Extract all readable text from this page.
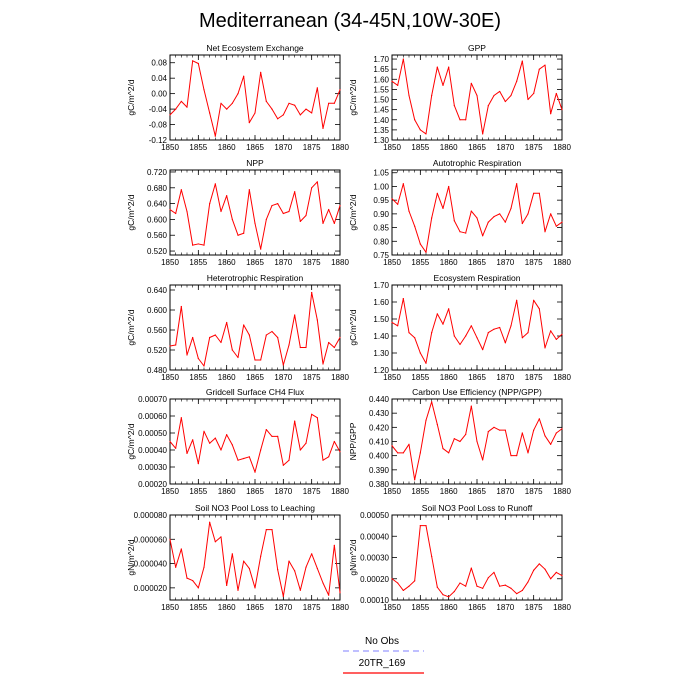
Mediterranean (34-45N,10W-30E)
Net Ecosystem Exchange
gC/m^2/d
1850 1855 1860 1865 1870 1875 1880
-0.12
-0.08
-0.04
0.00
0.04
0.08
GPP
gC/m^2/d
1850 1855 1860 1865 1870 1875 1880
1.30
1.35
1.40
1.45
1.50
1.55
1.60
1.65
1.70
NPP
gC/m^2/d
1850 1855 1860 1865 1870 1875 1880
0.520
0.560
0.600
0.640
0.680
0.720
Autotrophic Respiration
gC/m^2/d
1850 1855 1860 1865 1870 1875 1880
0.75
0.80
0.85
0.90
0.95
1.00
1.05
Heterotrophic Respiration
gC/m^2/d
1850 1855 1860 1865 1870 1875 1880
0.480
0.520
0.560
0.600
0.640
Ecosystem Respiration
gC/m^2/d
1850 1855 1860 1865 1870 1875 1880
1.20
1.30
1.40
1.50
1.60
1.70
Gridcell Surface CH4 Flux
gC/m^2/d
1850 1855 1860 1865 1870 1875 1880
0.00020
0.00030
0.00040
0.00050
0.00060
0.00070
Carbon Use Efficiency (NPP/GPP)
NPP/GPP
1850 1855 1860 1865 1870 1875 1880
0.380
0.390
0.400
0.410
0.420
0.430
0.440
Soil NO3 Pool Loss to Leaching
gN/m^2/d
1850 1855 1860 1865 1870 1875 1880
0.000020
0.000040
0.000060
0.000080
Soil NO3 Pool Loss to Runoff
gN/m^2/d
1850 1855 1860 1865 1870 1875 1880
0.00010
0.00020
0.00030
0.00040
0.00050
No Obs
20TR_169
